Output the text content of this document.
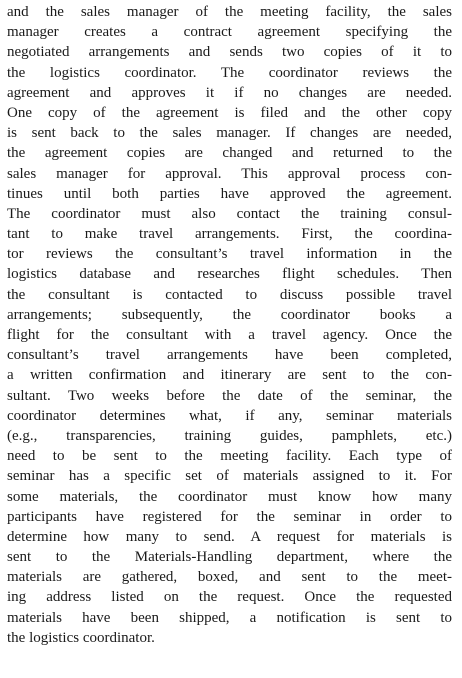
and the sales manager of the meeting facility, the sales
manager creates a contract agreement specifying the
negotiated arrangements and sends two copies of it to
the logistics coordinator. The coordinator reviews the
agreement and approves it if no changes are needed.
One copy of the agreement is filed and the other copy
is sent back to the sales manager. If changes are needed,
the agreement copies are changed and returned to the
sales manager for approval. This approval process con-
tinues until both parties have approved the agreement.
The coordinator must also contact the training consul-
tant to make travel arrangements. First, the coordina-
tor reviews the consultant’s travel information in the
logistics database and researches flight schedules. Then
the consultant is contacted to discuss possible travel
arrangements; subsequently, the coordinator books a
flight for the consultant with a travel agency. Once the
consultant’s travel arrangements have been completed,
a written confirmation and itinerary are sent to the con-
sultant. Two weeks before the date of the seminar, the
coordinator determines what, if any, seminar materials
(e.g., transparencies, training guides, pamphlets, etc.)
need to be sent to the meeting facility. Each type of
seminar has a specific set of materials assigned to it. For
some materials, the coordinator must know how many
participants have registered for the seminar in order to
determine how many to send. A request for materials is
sent to the Materials-Handling department, where the
materials are gathered, boxed, and sent to the meet-
ing address listed on the request. Once the requested
materials have been shipped, a notification is sent to
the logistics coordinator.
